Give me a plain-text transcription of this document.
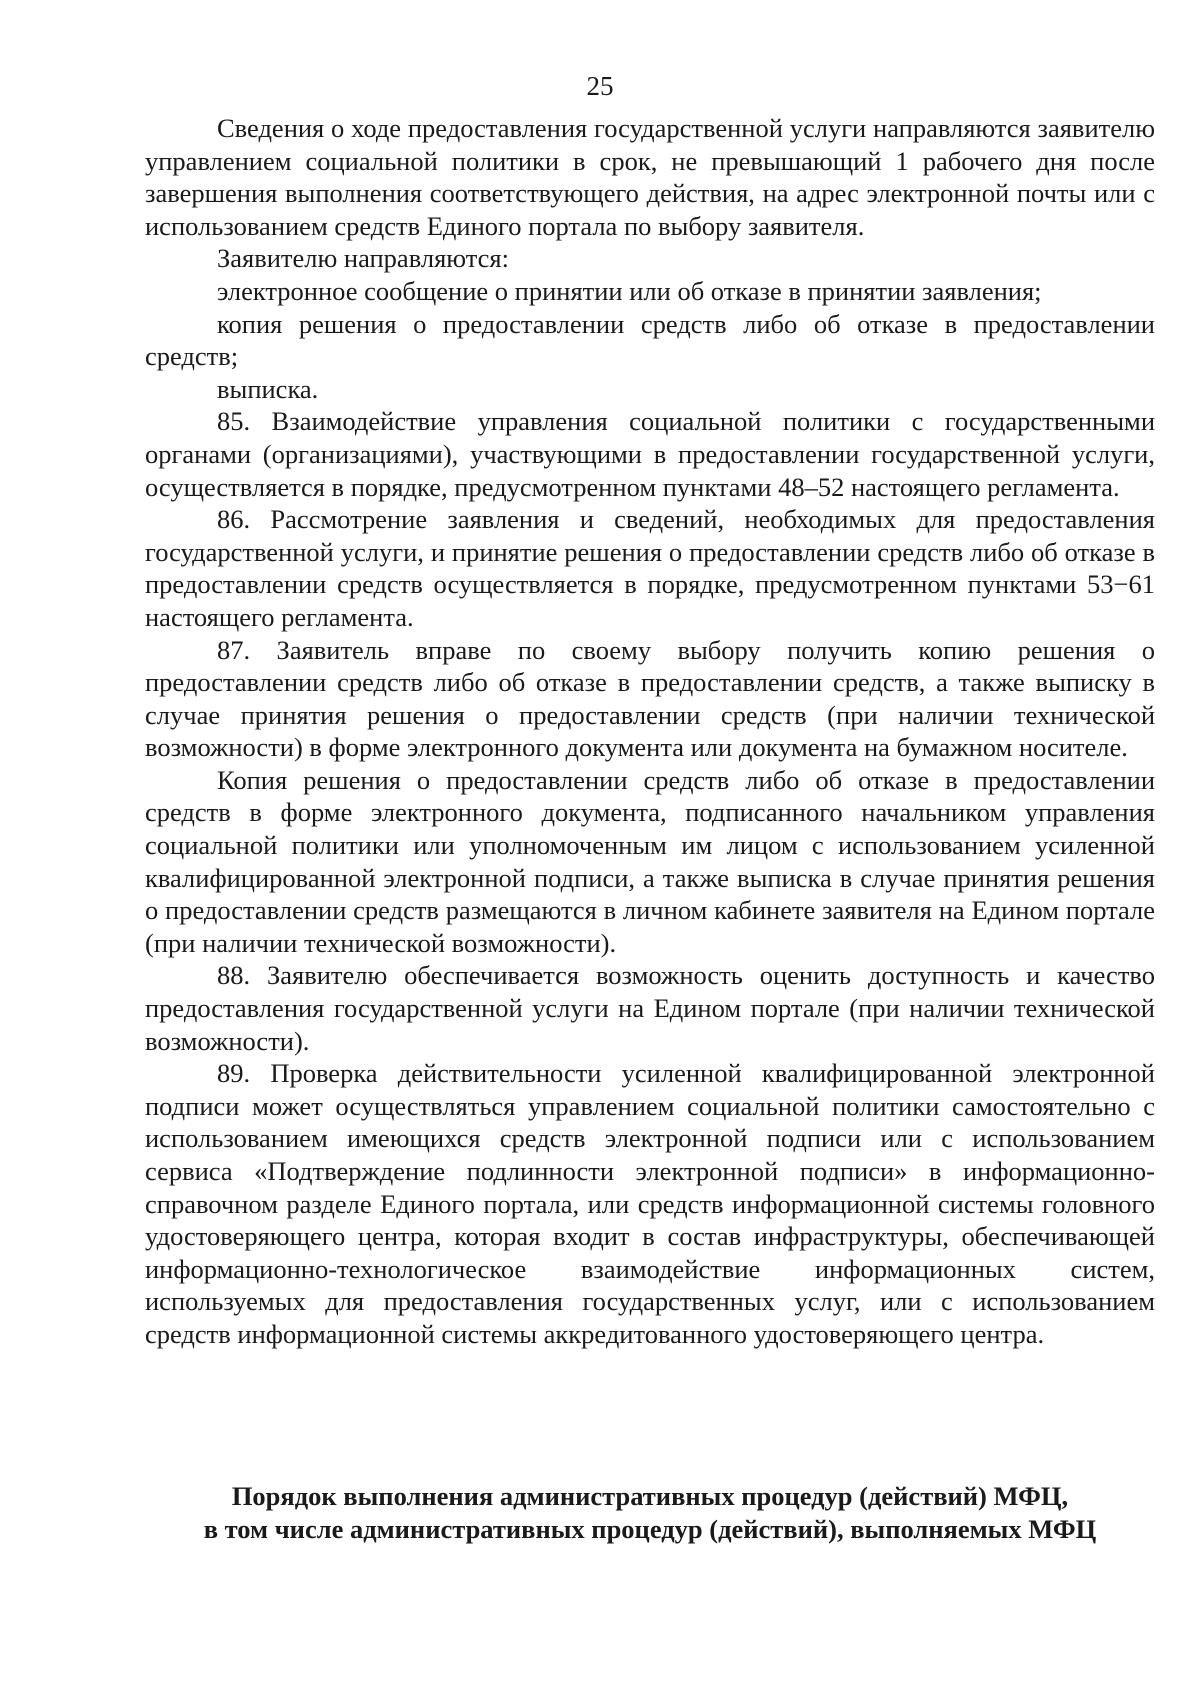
25

Сведения о ходе предоставления государственной услуги направляются заявителю управлением социальной политики в срок, не превышающий 1 рабочего дня после завершения выполнения соответствующего действия, на адрес электронной почты или с использованием средств Единого портала по выбору заявителя.

Заявителю направляются:

электронное сообщение о принятии или об отказе в принятии заявления;

копия решения о предоставлении средств либо об отказе в предоставлении средств;

выписка.

85. Взаимодействие управления социальной политики с государственными органами (организациями), участвующими в предоставлении государственной услуги, осуществляется в порядке, предусмотренном пунктами 48–52 настоящего регламента.

86. Рассмотрение заявления и сведений, необходимых для предоставления государственной услуги, и принятие решения о предоставлении средств либо об отказе в предоставлении средств осуществляется в порядке, предусмотренном пунктами 53−61 настоящего регламента.

87. Заявитель вправе по своему выбору получить копию решения о предоставлении средств либо об отказе в предоставлении средств, а также выписку в случае принятия решения о предоставлении средств (при наличии технической возможности) в форме электронного документа или документа на бумажном носителе.

Копия решения о предоставлении средств либо об отказе в предоставлении средств в форме электронного документа, подписанного начальником управления социальной политики или уполномоченным им лицом с использованием усиленной квалифицированной электронной подписи, а также выписка в случае принятия решения о предоставлении средств размещаются в личном кабинете заявителя на Едином портале (при наличии технической возможности).

88. Заявителю обеспечивается возможность оценить доступность и качество предоставления государственной услуги на Едином портале (при наличии технической возможности).

89. Проверка действительности усиленной квалифицированной электронной подписи может осуществляться управлением социальной политики самостоятельно с использованием имеющихся средств электронной подписи или с использованием сервиса «Подтверждение подлинности электронной подписи» в информационно-справочном разделе Единого портала, или средств информационной системы головного удостоверяющего центра, которая входит в состав инфраструктуры, обеспечивающей информационно-технологическое взаимодействие информационных систем, используемых для предоставления государственных услуг, или с использованием средств информационной системы аккредитованного удостоверяющего центра.

Порядок выполнения административных процедур (действий) МФЦ,
в том числе административных процедур (действий), выполняемых МФЦ
